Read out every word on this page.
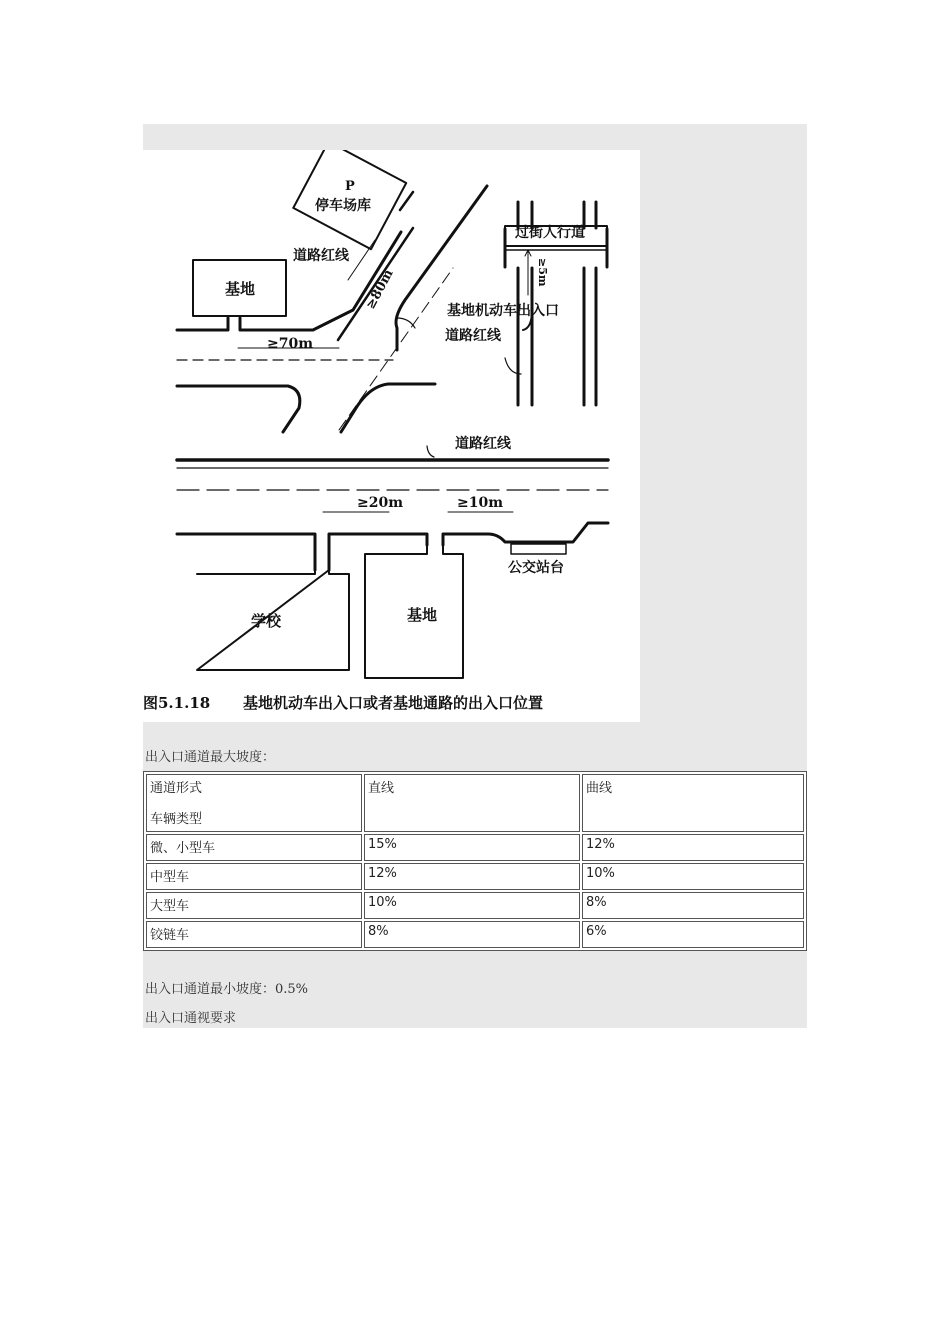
P
停车场库
基地
道路红线
≥80m
≥70m
过街人行道
≥5m
基地机动车出入口
道路红线
道路红线
≥20m	≥10m
公交站台
学校	基地
图5.1.18 基地机动车出入口或者基地通路的出入口位置
出入口通道最大坡度：
通道形式
车辆类型	直线	曲线
微、小型车	15%	12%
中型车	12%	10%
大型车	10%	8%
铰链车	8%	6%
出入口通道最小坡度：0.5%
出入口通视要求
